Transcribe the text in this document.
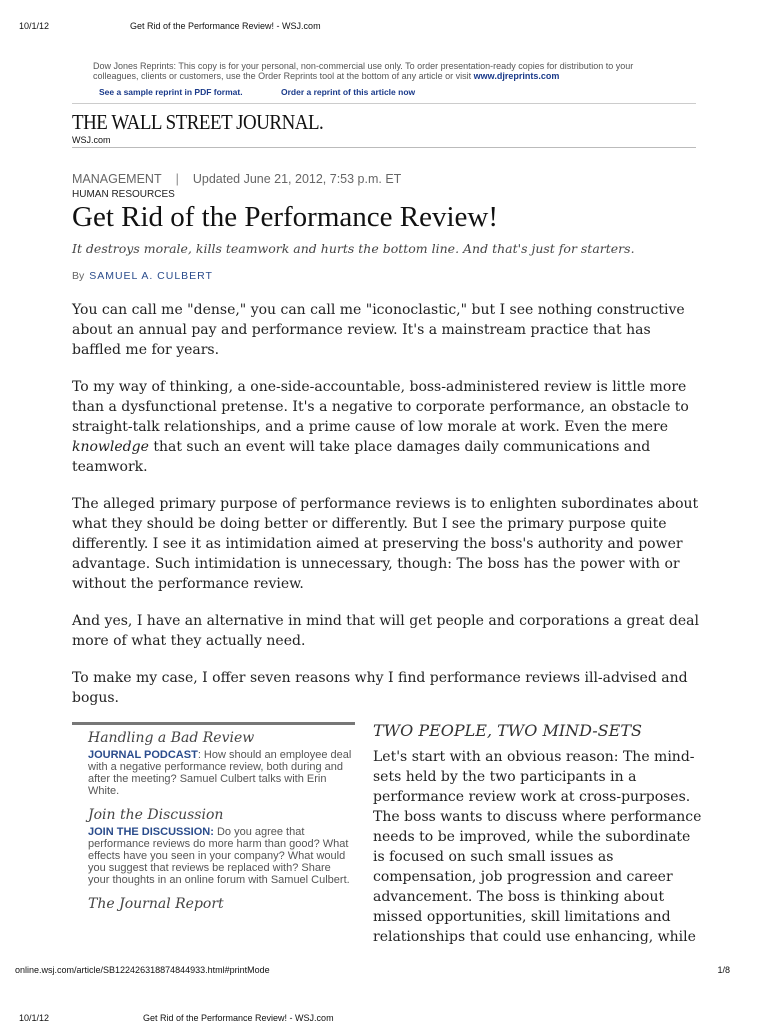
10/1/12	Get Rid of the Performance Review! - WSJ.com
Dow Jones Reprints: This copy is for your personal, non-commercial use only. To order presentation-ready copies for distribution to your
colleagues, clients or customers, use the Order Reprints tool at the bottom of any article or visit www.djreprints.com
See a sample reprint in PDF format.	Order a reprint of this article now
THE WALL STREET JOURNAL.
WSJ.com
MANAGEMENT | Updated June 21, 2012, 7:53 p.m. ET
HUMAN RESOURCES
Get Rid of the Performance Review!
It destroys morale, kills teamwork and hurts the bottom line. And that's just for starters.
By SAMUEL A. CULBERT

You can call me "dense," you can call me "iconoclastic," but I see nothing constructive about an annual pay and performance review. It's a mainstream practice that has baffled me for years.

To my way of thinking, a one-side-accountable, boss-administered review is little more than a dysfunctional pretense. It's a negative to corporate performance, an obstacle to straight-talk relationships, and a prime cause of low morale at work. Even the mere knowledge that such an event will take place damages daily communications and teamwork.

The alleged primary purpose of performance reviews is to enlighten subordinates about what they should be doing better or differently. But I see the primary purpose quite differently. I see it as intimidation aimed at preserving the boss's authority and power advantage. Such intimidation is unnecessary, though: The boss has the power with or without the performance review.

And yes, I have an alternative in mind that will get people and corporations a great deal more of what they actually need.

To make my case, I offer seven reasons why I find performance reviews ill-advised and bogus.

Handling a Bad Review
JOURNAL PODCAST: How should an employee deal with a negative performance review, both during and after the meeting? Samuel Culbert talks with Erin White.
Join the Discussion
JOIN THE DISCUSSION: Do you agree that performance reviews do more harm than good? What effects have you seen in your company? What would you suggest that reviews be replaced with? Share your thoughts in an online forum with Samuel Culbert.
The Journal Report
TWO PEOPLE, TWO MIND-SETS
Let's start with an obvious reason: The mind-sets held by the two participants in a performance review work at cross-purposes. The boss wants to discuss where performance needs to be improved, while the subordinate is focused on such small issues as compensation, job progression and career advancement. The boss is thinking about missed opportunities, skill limitations and relationships that could use enhancing, while
online.wsj.com/article/SB122426318874844933.html#printMode	1/8
10/1/12	Get Rid of the Performance Review! - WSJ.com
